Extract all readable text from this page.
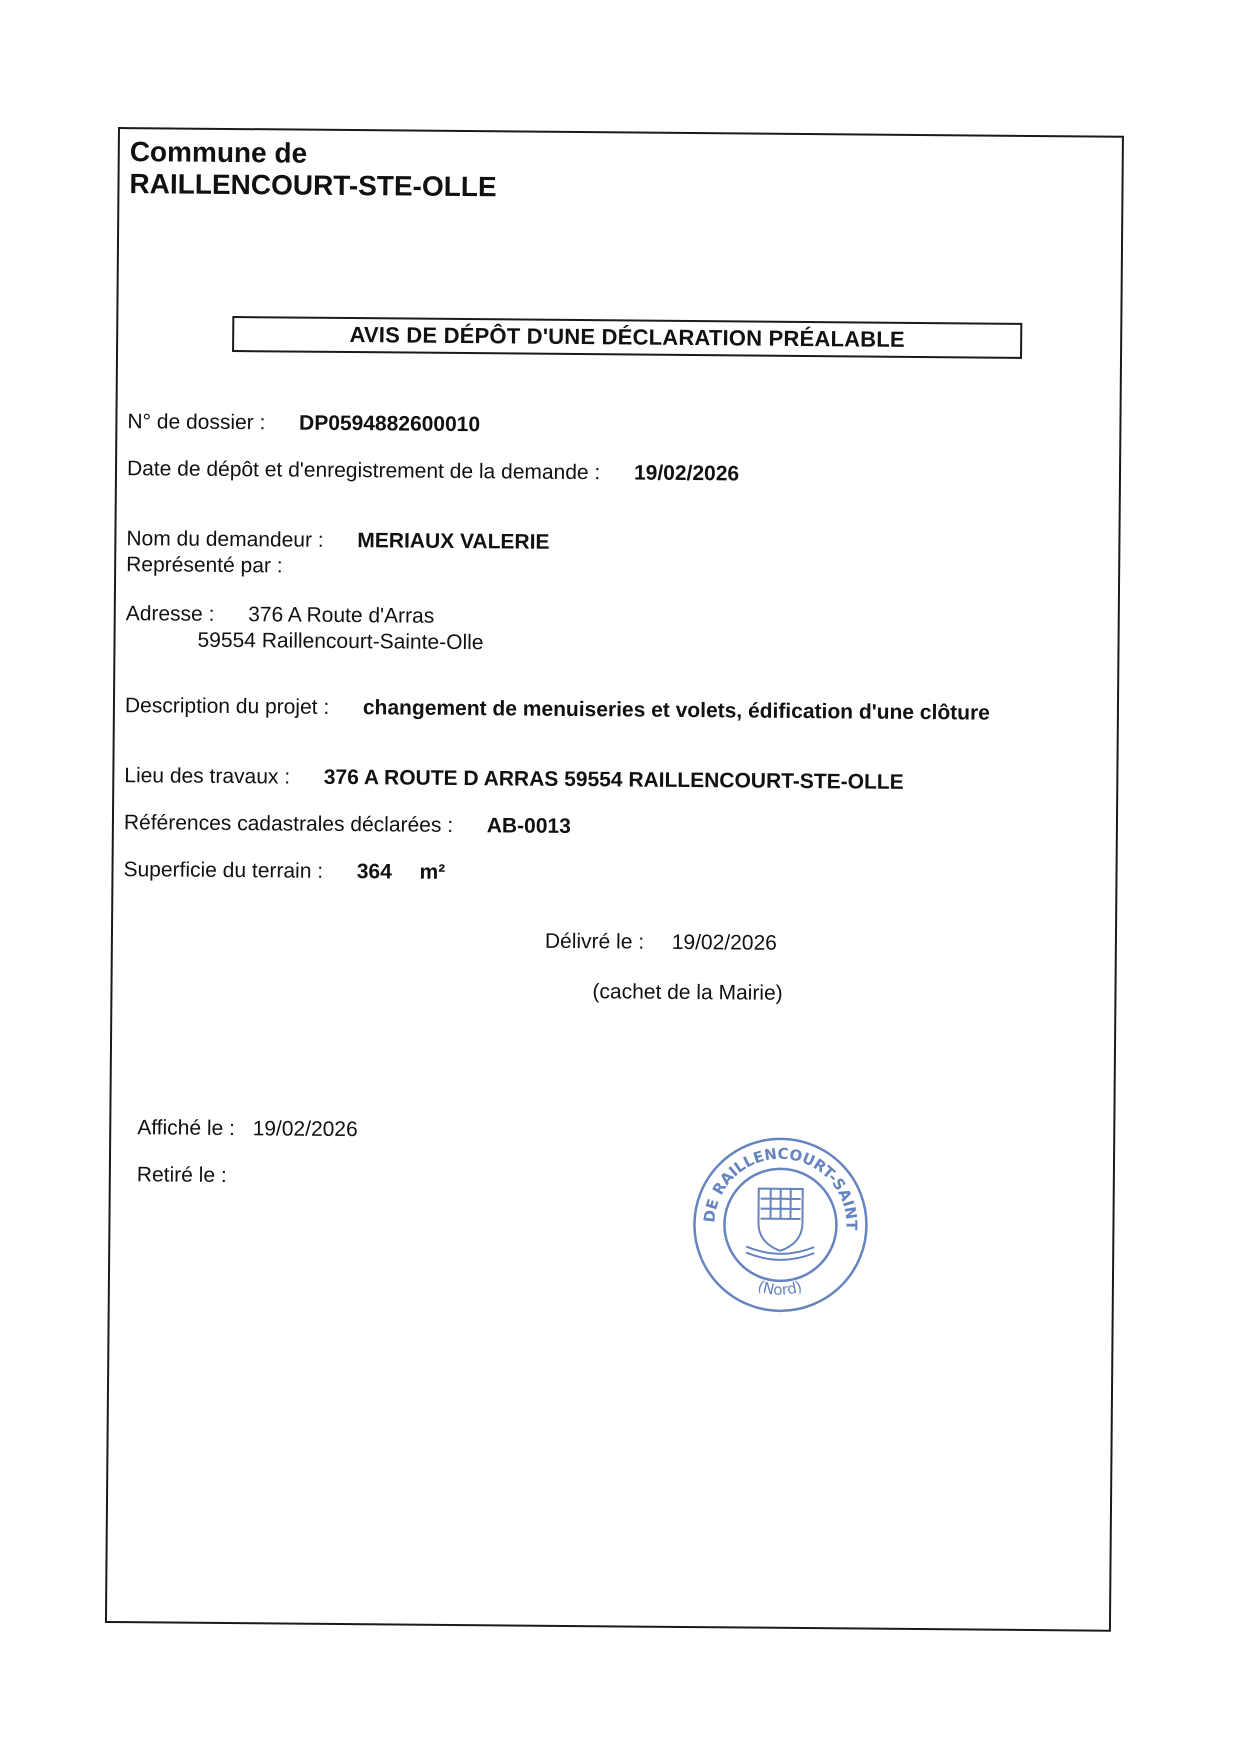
Commune de
RAILLENCOURT-STE-OLLE
AVIS DE DÉPÔT D'UNE DÉCLARATION PRÉALABLE
N° de dossier : DP0594882600010
Date de dépôt et d'enregistrement de la demande : 19/02/2026
Nom du demandeur : MERIAUX VALERIE
Représenté par :
Adresse : 376 A Route d'Arras
59554 Raillencourt-Sainte-Olle
Description du projet : changement de menuiseries et volets, édification d'une clôture
Lieu des travaux : 376 A ROUTE D ARRAS 59554 RAILLENCOURT-STE-OLLE
Références cadastrales déclarées : AB-0013
Superficie du terrain : 364 m²
Délivré le : 19/02/2026
(cachet de la Mairie)
DE RAILLENCOURT-SAINTE-OLLE
(Nord)
Affiché le : 19/02/2026
Retiré le :
